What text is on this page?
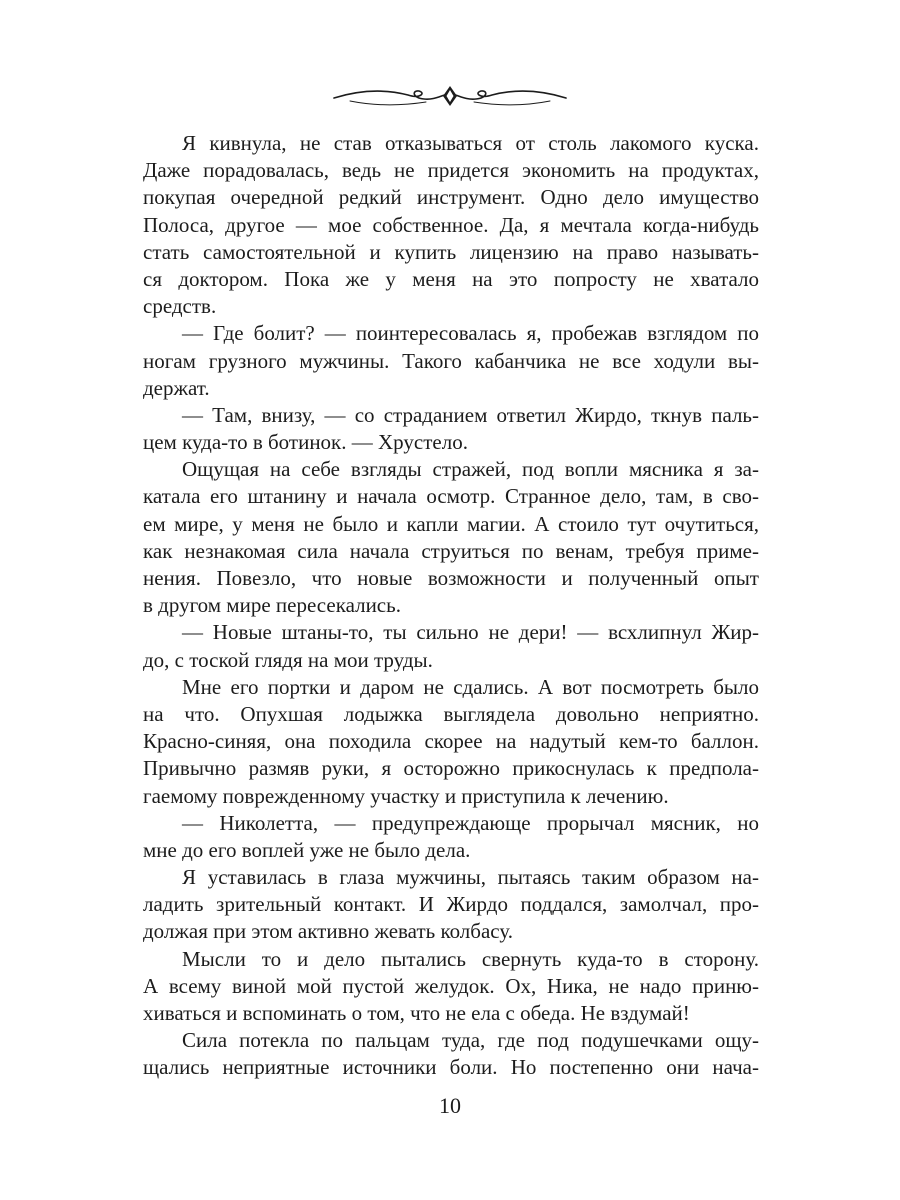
Я кивнула, не став отказываться от столь лакомого куска.
Даже порадовалась, ведь не придется экономить на продуктах,
покупая очередной редкий инструмент. Одно дело имущество
Полоса, другое — мое собственное. Да, я мечтала когда-нибудь
стать самостоятельной и купить лицензию на право называть-
ся доктором. Пока же у меня на это попросту не хватало
средств.
— Где болит? — поинтересовалась я, пробежав взглядом по
ногам грузного мужчины. Такого кабанчика не все ходули вы-
держат.
— Там, внизу, — со страданием ответил Жирдо, ткнув паль-
цем куда-то в ботинок. — Хрустело.
Ощущая на себе взгляды стражей, под вопли мясника я за-
катала его штанину и начала осмотр. Странное дело, там, в сво-
ем мире, у меня не было и капли магии. А стоило тут очутиться,
как незнакомая сила начала струиться по венам, требуя приме-
нения. Повезло, что новые возможности и полученный опыт
в другом мире пересекались.
— Новые штаны-то, ты сильно не дери! — всхлипнул Жир-
до, с тоской глядя на мои труды.
Мне его портки и даром не сдались. А вот посмотреть было
на что. Опухшая лодыжка выглядела довольно неприятно.
Красно-синяя, она походила скорее на надутый кем-то баллон.
Привычно размяв руки, я осторожно прикоснулась к предпола-
гаемому поврежденному участку и приступила к лечению.
— Николетта, — предупреждающе прорычал мясник, но
мне до его воплей уже не было дела.
Я уставилась в глаза мужчины, пытаясь таким образом на-
ладить зрительный контакт. И Жирдо поддался, замолчал, про-
должая при этом активно жевать колбасу.
Мысли то и дело пытались свернуть куда-то в сторону.
А всему виной мой пустой желудок. Ох, Ника, не надо приню-
хиваться и вспоминать о том, что не ела с обеда. Не вздумай!
Сила потекла по пальцам туда, где под подушечками ощу-
щались неприятные источники боли. Но постепенно они нача-
10
